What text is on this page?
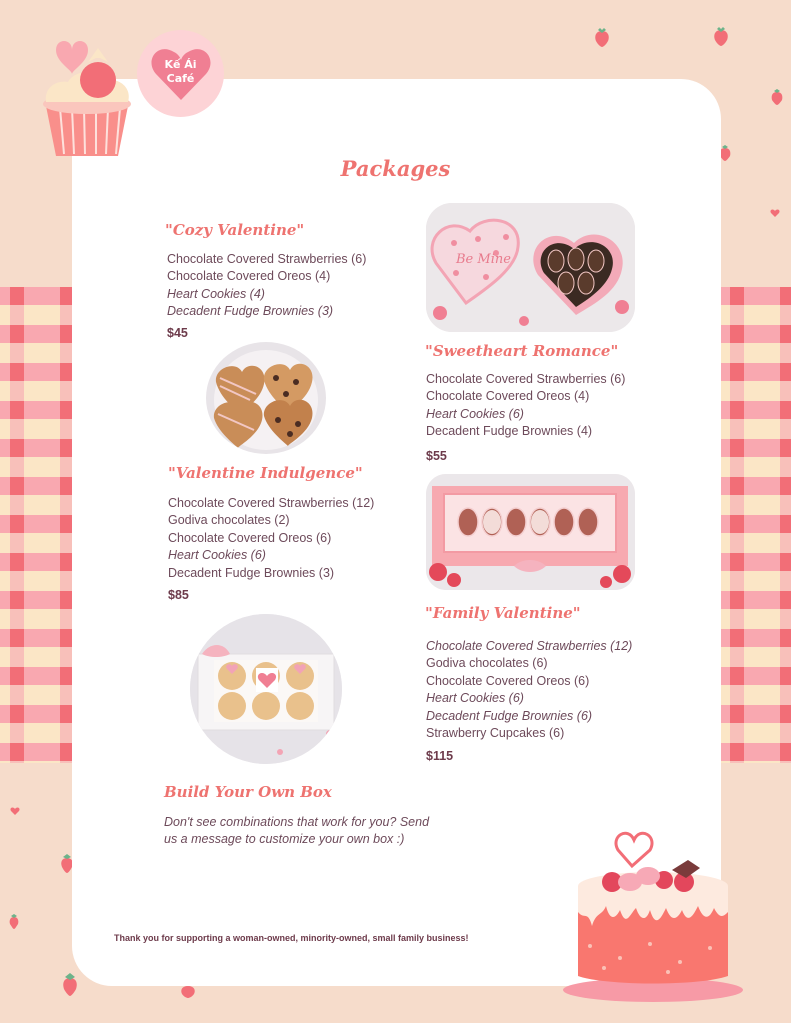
Kế Ái
Café
Packages
"Cozy Valentine"
Chocolate Covered Strawberries (6)
Chocolate Covered Oreos (4)
Heart Cookies (4)
Decadent Fudge Brownies (3)
$45
"Valentine Indulgence"
Chocolate Covered Strawberries (12)
Godiva chocolates (2)
Chocolate Covered Oreos (6)
Heart Cookies (6)
Decadent Fudge Brownies (3)
$85
Build Your Own Box
Don't see combinations that work for you? Send us a message to customize your own box :)
Be Mine
"Sweetheart Romance"
Chocolate Covered Strawberries (6)
Chocolate Covered Oreos (4)
Heart Cookies (6)
Decadent Fudge Brownies (4)
$55
"Family Valentine"
Chocolate Covered Strawberries (12)
Godiva chocolates (6)
Chocolate Covered Oreos (6)
Heart Cookies (6)
Decadent Fudge Brownies (6)
Strawberry Cupcakes (6)
$115
Thank you for supporting a woman-owned, minority-owned, small family business!
